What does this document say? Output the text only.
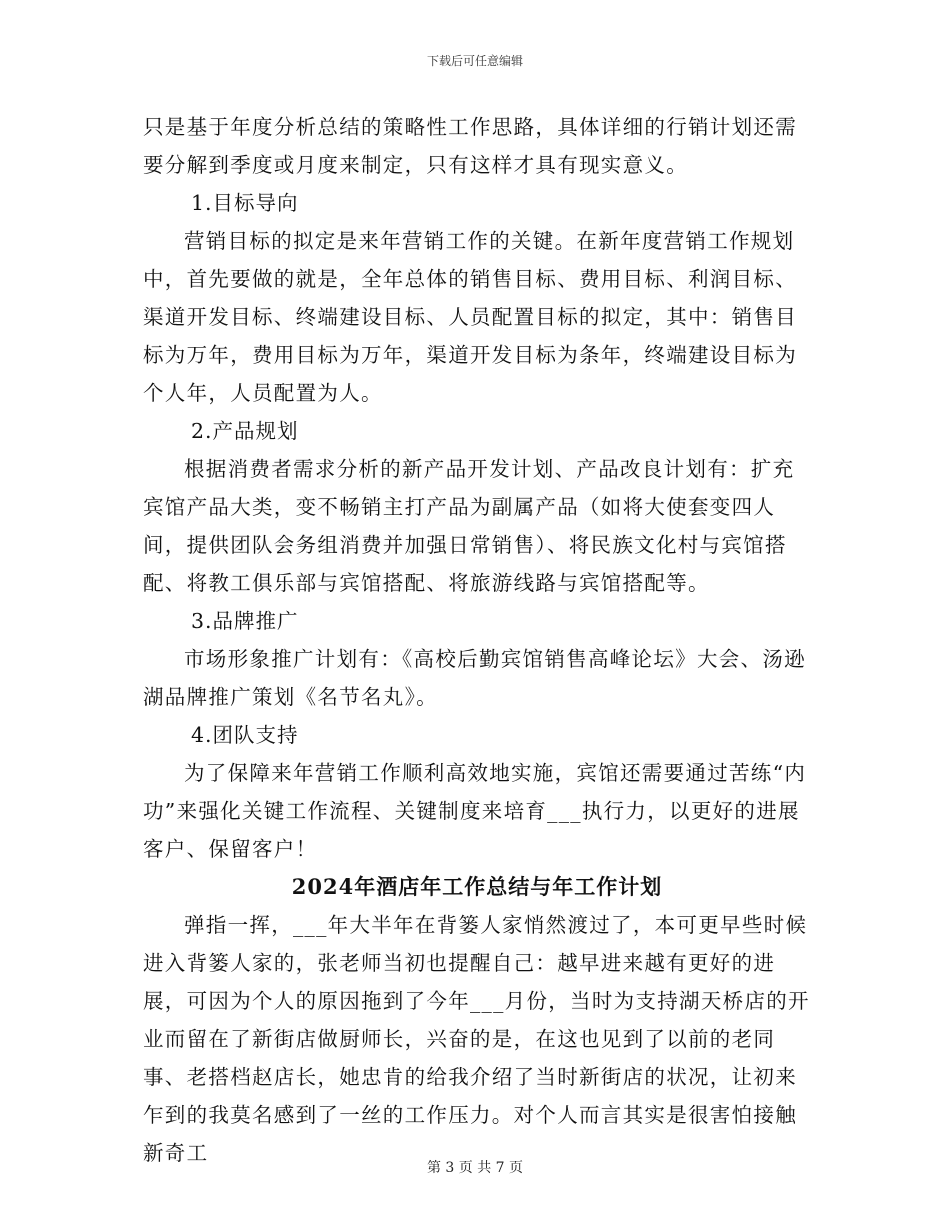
下载后可任意编辑

只是基于年度分析总结的策略性工作思路，具体详细的行销计划还需要分解到季度或月度来制定，只有这样才具有现实意义。

1.目标导向

营销目标的拟定是来年营销工作的关键。在新年度营销工作规划中，首先要做的就是，全年总体的销售目标、费用目标、利润目标、渠道开发目标、终端建设目标、人员配置目标的拟定，其中：销售目标为万年，费用目标为万年，渠道开发目标为条年，终端建设目标为个人年，人员配置为人。

2.产品规划

根据消费者需求分析的新产品开发计划、产品改良计划有：扩充宾馆产品大类，变不畅销主打产品为副属产品（如将大使套变四人间，提供团队会务组消费并加强日常销售）、将民族文化村与宾馆搭配、将教工俱乐部与宾馆搭配、将旅游线路与宾馆搭配等。

3.品牌推广

市场形象推广计划有：《高校后勤宾馆销售高峰论坛》大会、汤逊湖品牌推广策划《名节名丸》。

4.团队支持

为了保障来年营销工作顺利高效地实施，宾馆还需要通过苦练“内功”来强化关键工作流程、关键制度来培育___执行力，以更好的进展客户、保留客户！

2024年酒店年工作总结与年工作计划

弹指一挥，___年大半年在背篓人家悄然渡过了，本可更早些时候进入背篓人家的，张老师当初也提醒自己：越早进来越有更好的进展，可因为个人的原因拖到了今年___月份，当时为支持湖天桥店的开业而留在了新街店做厨师长，兴奋的是，在这也见到了以前的老同事、老搭档赵店长，她忠肯的给我介绍了当时新街店的状况，让初来乍到的我莫名感到了一丝的工作压力。对个人而言其实是很害怕接触新奇工

第 3 页 共 7 页
